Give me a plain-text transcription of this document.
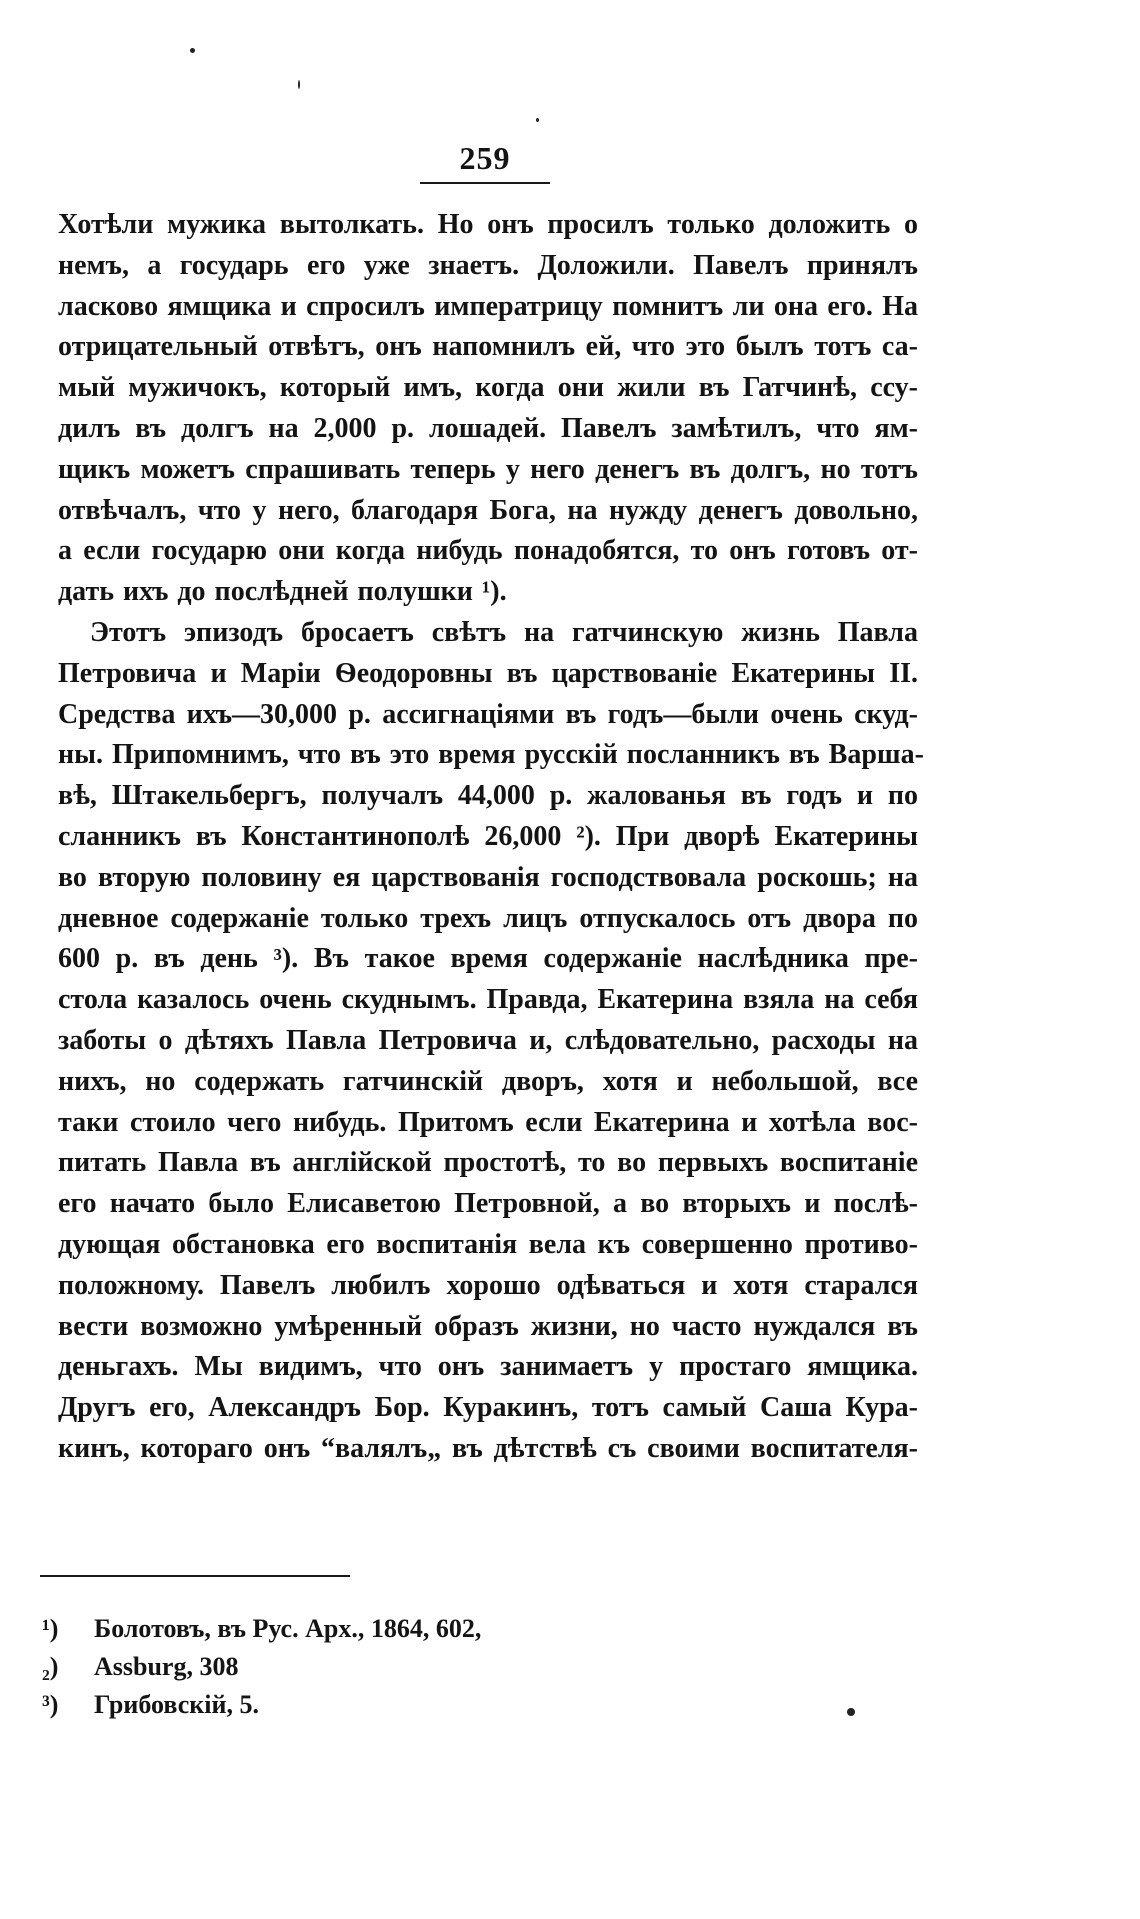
259

Хотѣли мужика вытолкать. Но онъ просилъ только доложить о
немъ, а государь его уже знаетъ. Доложили. Павелъ принялъ
ласково ямщика и спросилъ императрицу помнитъ ли она его. На
отрицательный отвѣтъ, онъ напомнилъ ей, что это былъ тотъ са-
мый мужичокъ, который имъ, когда они жили въ Гатчинѣ, ссу-
дилъ въ долгъ на 2,000 р. лошадей. Павелъ замѣтилъ, что ям-
щикъ можетъ спрашивать теперь у него денегъ въ долгъ, но тотъ
отвѣчалъ, что у него, благодаря Бога, на нужду денегъ довольно,
а если государю они когда нибудь понадобятся, то онъ готовъ от-
дать ихъ до послѣдней полушки ¹).

Этотъ эпизодъ бросаетъ свѣтъ на гатчинскую жизнь Павла
Петровича и Маріи Ѳеодоровны въ царствованіе Екатерины II.
Средства ихъ—30,000 р. ассигнаціями въ годъ—были очень скуд-
ны. Припомнимъ, что въ это время русскій посланникъ въ Варша-
вѣ, Штакельбергъ, получалъ 44,000 р. жалованья въ годъ и по
сланникъ въ Константинополѣ 26,000 ²). При дворѣ Екатерины
во вторую половину ея царствованія господствовала роскошь; на
дневное содержаніе только трехъ лицъ отпускалось отъ двора по
600 р. въ день ³). Въ такое время содержаніе наслѣдника пре-
стола казалось очень скуднымъ. Правда, Екатерина взяла на себя
заботы о дѣтяхъ Павла Петровича и, слѣдовательно, расходы на
нихъ, но содержать гатчинскій дворъ, хотя и небольшой, все
таки стоило чего нибудь. Притомъ если Екатерина и хотѣла вос-
питать Павла въ англійской простотѣ, то во первыхъ воспитаніе
его начато было Елисаветою Петровной, а во вторыхъ и послѣ-
дующая обстановка его воспитанія вела къ совершенно противо-
положному. Павелъ любилъ хорошо одѣваться и хотя старался
вести возможно умѣренный образъ жизни, но часто нуждался въ
деньгахъ. Мы видимъ, что онъ занимаетъ у простаго ямщика.
Другъ его, Александръ Бор. Куракинъ, тотъ самый Саша Кура-
кинъ, котораго онъ “валялъ„ въ дѣтствѣ съ своими воспитателя-

¹) Болотовъ, въ Рус. Арх., 1864, 602,
₂) Assburg, 308
³) Грибовскій, 5.
